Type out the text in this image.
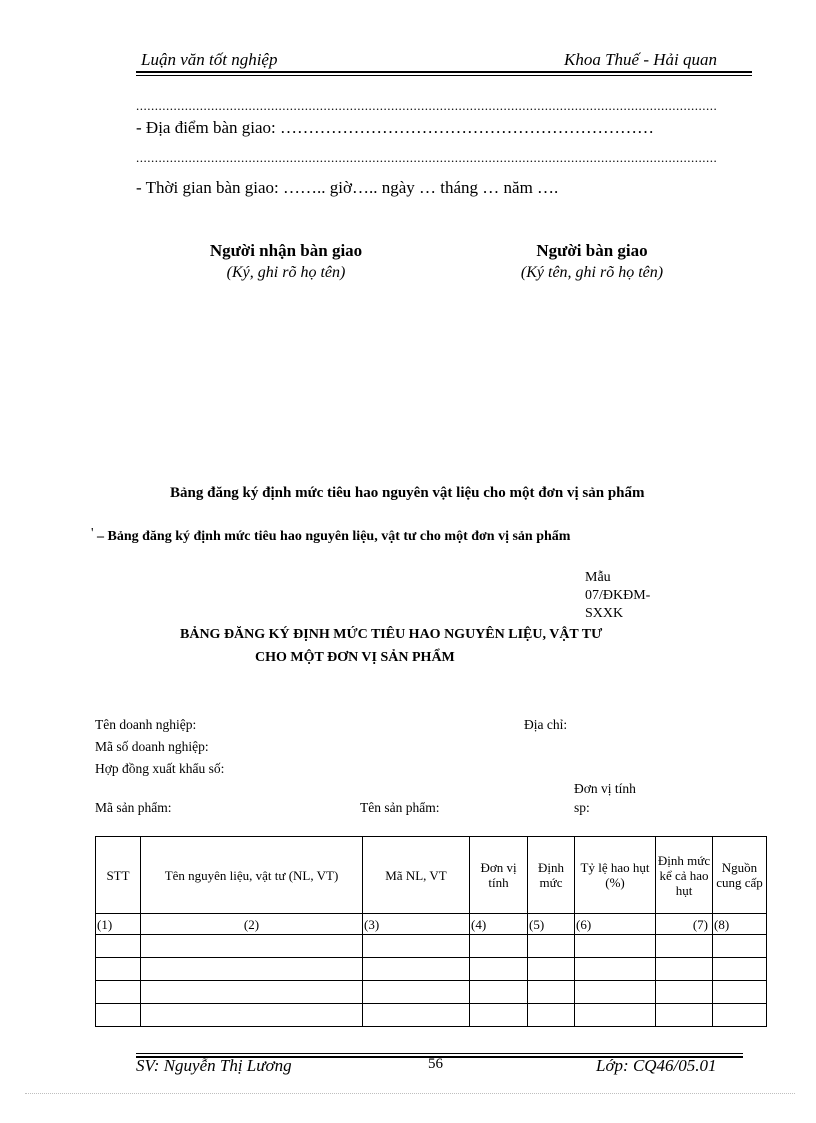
Luận văn tốt nghiệp	Khoa Thuế - Hải quan
...........................................................................................................................................................
- Địa điểm bàn giao: …………………………………………………………
...........................................................................................................................................................
- Thời gian bàn giao: …….. giờ….. ngày … tháng … năm ….
Người nhận bàn giao
(Ký, ghi rõ họ tên)
Người bàn giao
(Ký tên, ghi rõ họ tên)
Bảng đăng ký định mức tiêu hao nguyên vật liệu cho một đơn vị sản phẩm
' – Bảng đăng ký định mức tiêu hao nguyên liệu, vật tư cho một đơn vị sản phẩm
Mẫu
07/ĐKĐM-
SXXK
BẢNG ĐĂNG KÝ ĐỊNH MỨC TIÊU HAO NGUYÊN LIỆU, VẬT TƯ
CHO MỘT ĐƠN VỊ SẢN PHẨM
Tên doanh nghiệp:	Địa chỉ:
Mã số doanh nghiệp:
Hợp đồng xuất khẩu số:
Đơn vị tính
sp:
Mã sản phẩm:	Tên sản phẩm:
STT	Tên nguyên liệu, vật tư (NL, VT)	Mã NL, VT	Đơn vị tính	Định mức	Tỷ lệ hao hụt (%)	Định mức kể cả hao hụt	Nguồn cung cấp
(1)	(2)	(3)	(4)	(5)	(6)	(7)	(8)

SV: Nguyễn Thị Lương	56	Lớp: CQ46/05.01
